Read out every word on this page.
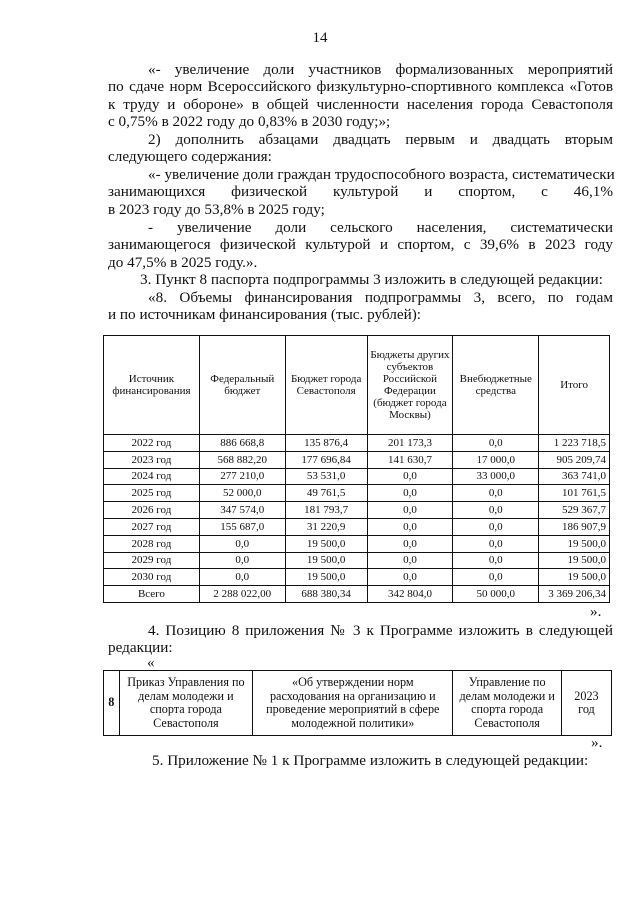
14
«- увеличение доли участников формализованных мероприятий
по сдаче норм Всероссийского физкультурно-спортивного комплекса «Готов
к труду и обороне» в общей численности населения города Севастополя
с 0,75% в 2022 году до 0,83% в 2030 году;»;
2) дополнить абзацами двадцать первым и двадцать вторым
следующего содержания:
«- увеличение доли граждан трудоспособного возраста, систематически
занимающихся физической культурой и спортом, с 46,1%
в 2023 году до 53,8% в 2025 году;
- увеличение доли сельского населения, систематически
занимающегося физической культурой и спортом, с 39,6% в 2023 году
до 47,5% в 2025 году.».
3. Пункт 8 паспорта подпрограммы 3 изложить в следующей редакции:
«8. Объемы финансирования подпрограммы 3, всего, по годам
и по источникам финансирования (тыс. рублей):
Источник финансирования	Федеральный бюджет	Бюджет города Севастополя	Бюджеты других субъектов Российской Федерации (бюджет города Москвы)	Внебюджетные средства	Итого
2022 год	886 668,8	135 876,4	201 173,3	0,0	1 223 718,5
2023 год	568 882,20	177 696,84	141 630,7	17 000,0	905 209,74
2024 год	277 210,0	53 531,0	0,0	33 000,0	363 741,0
2025 год	52 000,0	49 761,5	0,0	0,0	101 761,5
2026 год	347 574,0	181 793,7	0,0	0,0	529 367,7
2027 год	155 687,0	31 220,9	0,0	0,0	186 907,9
2028 год	0,0	19 500,0	0,0	0,0	19 500,0
2029 год	0,0	19 500,0	0,0	0,0	19 500,0
2030 год	0,0	19 500,0	0,0	0,0	19 500,0
Всего	2 288 022,00	688 380,34	342 804,0	50 000,0	3 369 206,34
».
4. Позицию 8 приложения № 3 к Программе изложить в следующей
редакции:
«
8	Приказ Управления по делам молодежи и спорта города Севастополя	«Об утверждении норм расходования на организацию и проведение мероприятий в сфере молодежной политики»	Управление по делам молодежи и спорта города Севастополя	2023 год
».
5. Приложение № 1 к Программе изложить в следующей редакции:
